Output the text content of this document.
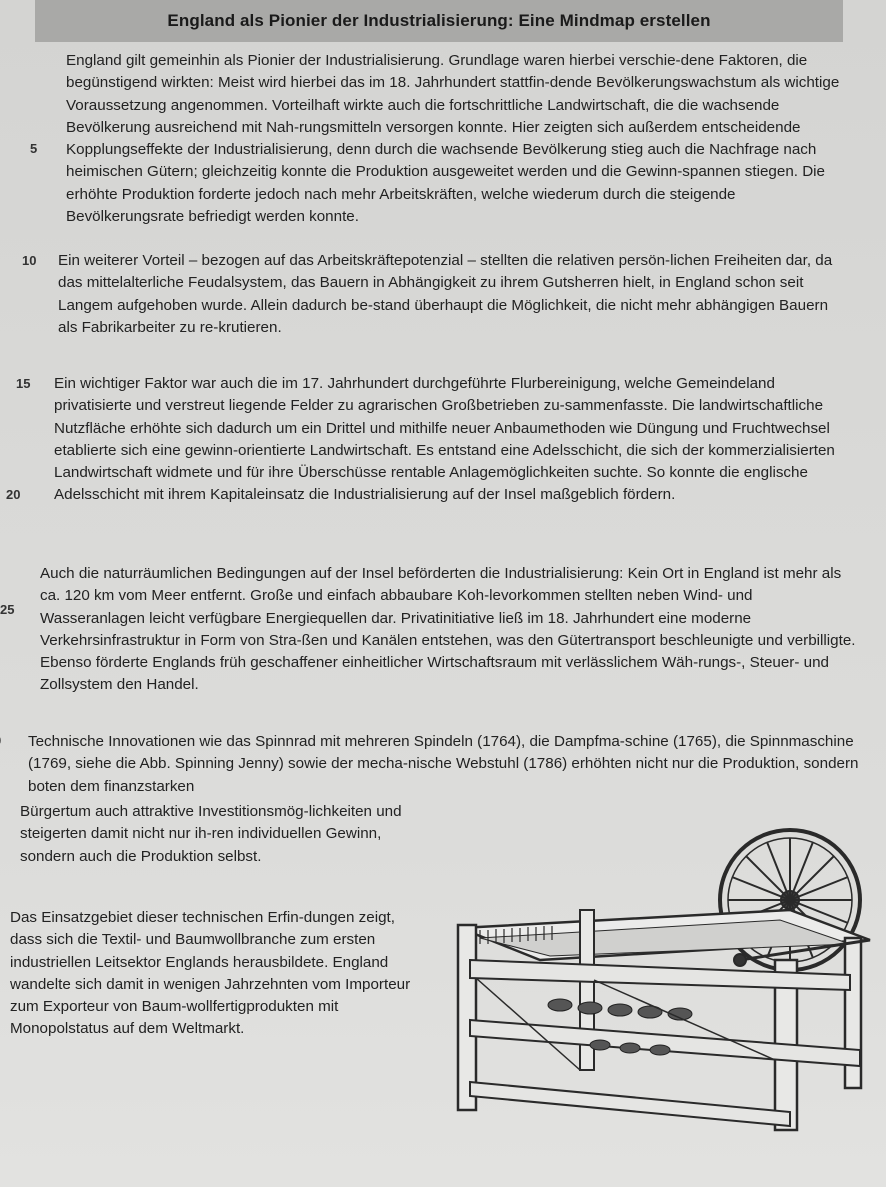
England als Pionier der Industrialisierung: Eine Mindmap erstellen
5
10
15
20
25

England gilt gemeinhin als Pionier der Industrialisierung. Grundlage waren hierbei verschie-dene Faktoren, die begünstigend wirkten: Meist wird hierbei das im 18. Jahrhundert stattfin-dende Bevölkerungswachstum als wichtige Voraussetzung angenommen. Vorteilhaft wirkte auch die fortschrittliche Landwirtschaft, die die wachsende Bevölkerung ausreichend mit Nah-rungsmitteln versorgen konnte. Hier zeigten sich außerdem entscheidende Kopplungseffekte der Industrialisierung, denn durch die wachsende Bevölkerung stieg auch die Nachfrage nach heimischen Gütern; gleichzeitig konnte die Produktion ausgeweitet werden und die Gewinn-spannen stiegen. Die erhöhte Produktion forderte jedoch nach mehr Arbeitskräften, welche wiederum durch die steigende Bevölkerungsrate befriedigt werden konnte.

Ein weiterer Vorteil – bezogen auf das Arbeitskräftepotenzial – stellten die relativen persön-lichen Freiheiten dar, da das mittelalterliche Feudalsystem, das Bauern in Abhängigkeit zu ihrem Gutsherren hielt, in England schon seit Langem aufgehoben wurde. Allein dadurch be-stand überhaupt die Möglichkeit, die nicht mehr abhängigen Bauern als Fabrikarbeiter zu re-krutieren.

Ein wichtiger Faktor war auch die im 17. Jahrhundert durchgeführte Flurbereinigung, welche Gemeindeland privatisierte und verstreut liegende Felder zu agrarischen Großbetrieben zu-sammenfasste. Die landwirtschaftliche Nutzfläche erhöhte sich dadurch um ein Drittel und mithilfe neuer Anbaumethoden wie Düngung und Fruchtwechsel etablierte sich eine gewinn-orientierte Landwirtschaft. Es entstand eine Adelsschicht, die sich der kommerzialisierten Landwirtschaft widmete und für ihre Überschüsse rentable Anlagemöglichkeiten suchte. So konnte die englische Adelsschicht mit ihrem Kapitaleinsatz die Industrialisierung auf der Insel maßgeblich fördern.

Auch die naturräumlichen Bedingungen auf der Insel beförderten die Industrialisierung: Kein Ort in England ist mehr als ca. 120 km vom Meer entfernt. Große und einfach abbaubare Koh-levorkommen stellten neben Wind- und Wasseranlagen leicht verfügbare Energiequellen dar. Privatinitiative ließ im 18. Jahrhundert eine moderne Verkehrsinfrastruktur in Form von Stra-ßen und Kanälen entstehen, was den Gütertransport beschleunigte und verbilligte. Ebenso förderte Englands früh geschaffener einheitlicher Wirtschaftsraum mit verlässlichem Wäh-rungs-, Steuer- und Zollsystem den Handel.

Technische Innovationen wie das Spinnrad mit mehreren Spindeln (1764), die Dampfma-schine (1765), die Spinnmaschine (1769, siehe die Abb. Spinning Jenny) sowie der mecha-nische Webstuhl (1786) erhöhten nicht nur die Produktion, sondern boten dem finanzstarken

Bürgertum auch attraktive Investitionsmög-lichkeiten und steigerten damit nicht nur ih-ren individuellen Gewinn, sondern auch die Produktion selbst.

Das Einsatzgebiet dieser technischen Erfin-dungen zeigt, dass sich die Textil- und Baumwollbranche zum ersten industriellen Leitsektor Englands herausbildete. England wandelte sich damit in wenigen Jahrzehnten vom Importeur zum Exporteur von Baum-wollfertigprodukten mit Monopolstatus auf dem Weltmarkt.
